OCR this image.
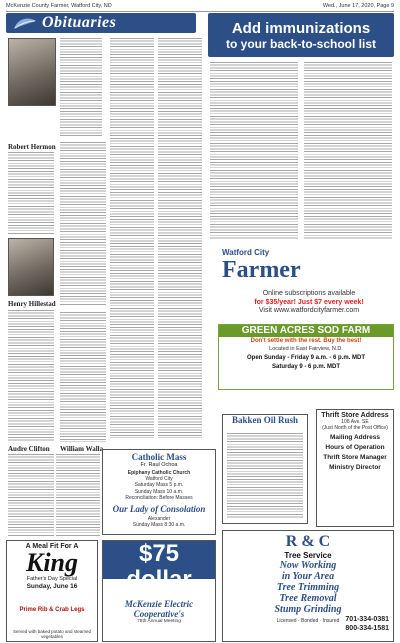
McKenzie County Farmer, Watford City, ND	Wed., June 17, 2020, Page 9
Obituaries
Robert Hermon
Henry Hillestad
Audre Clifton William Walla
Add immunizations
to your back-to-school list
Watford City
Farmer
Online subscriptions available
for $35/year! Just $7 every week!
Visit www.watfordcityfarmer.com
GREEN ACRES SOD FARM
Don't settle with the rest. Buy the best!
Located in East Fairview, N.D.
Open Sunday - Friday 9 a.m. - 6 p.m. MDT
Saturday 9 - 6 p.m. MDT
Catholic Mass
Fr. Raul Ochoa
Epiphany Catholic Church
Watford City
Saturday Mass 5 p.m.
Sunday Mass 10 a.m.
Reconciliation: Before Masses
Our Lady of Consolation
Alexander
Sunday Mass 8:30 a.m.
Bakken Oil Rush	Thrift Store Address
108 Ave. SE
(Just North of the Post Office)
Mailing Address
Hours of Operation
Thrift Store Manager
Ministry Director
A Meal Fit For A
King
Father's Day Special
Sunday, June 16
Prime Rib & Crab Legs
Served with baked potato and steamed vegetables
$75 dollar
patronage refunds
McKenzie Electric Cooperative's
75th Annual Meeting
R & C
Tree Service
Now Working
in Your Area
Tree Trimming
Tree Removal
Stump Grinding
Licensed · Bonded · Insured 701-334-0381
800-334-1581
